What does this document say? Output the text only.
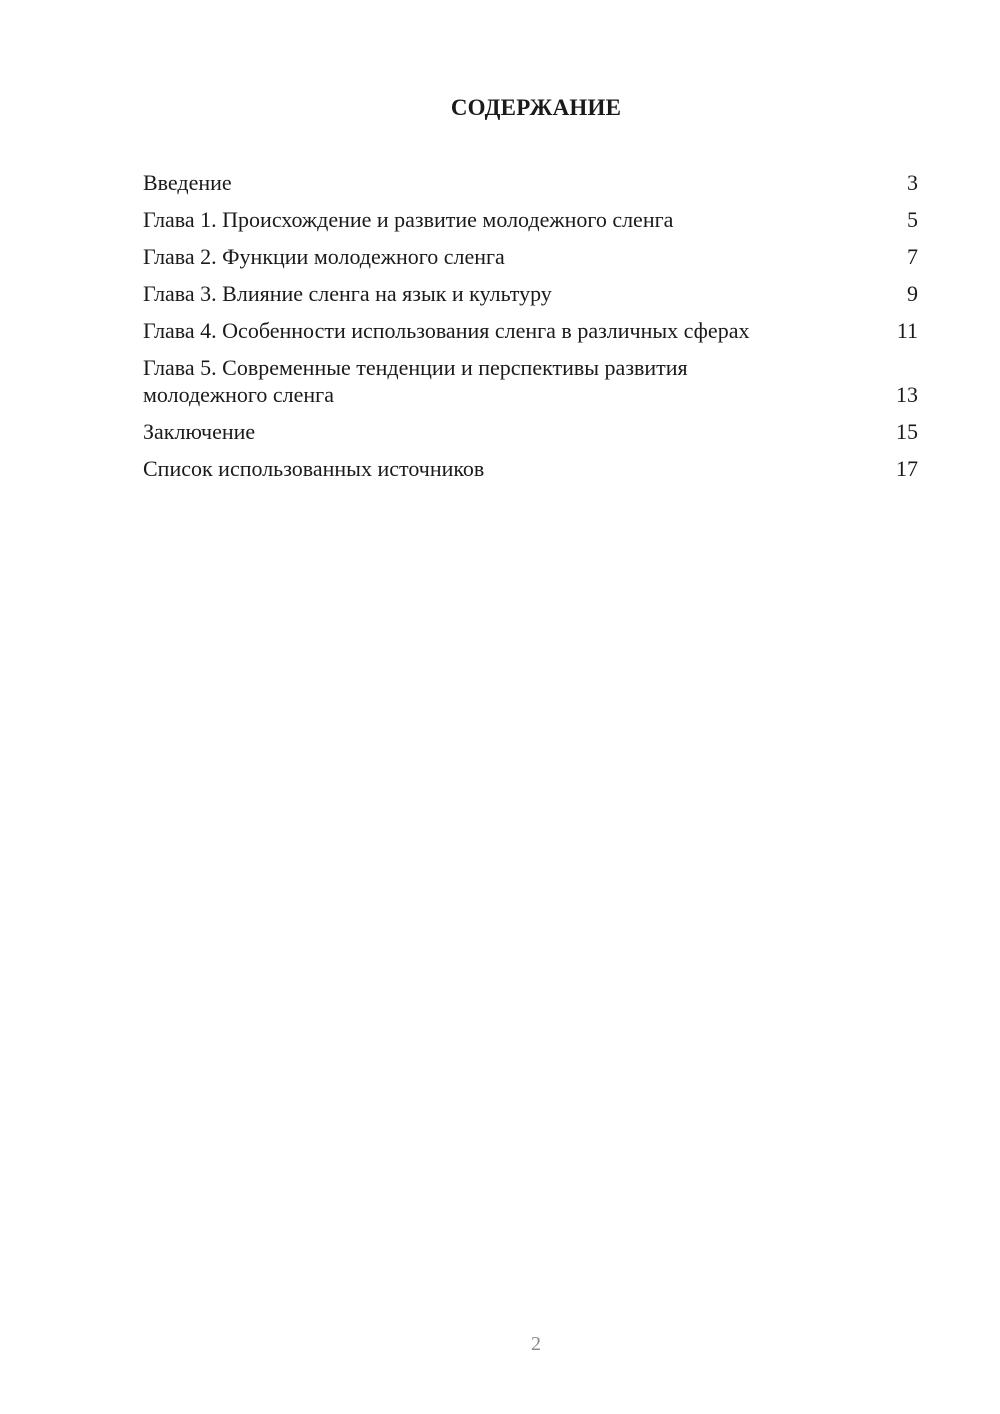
СОДЕРЖАНИЕ
Введение	3
Глава 1. Происхождение и развитие молодежного сленга	5
Глава 2. Функции молодежного сленга	7
Глава 3. Влияние сленга на язык и культуру	9
Глава 4. Особенности использования сленга в различных сферах	11
Глава 5. Современные тенденции и перспективы развития молодежного сленга	13
Заключение	15
Список использованных источников	17
2
